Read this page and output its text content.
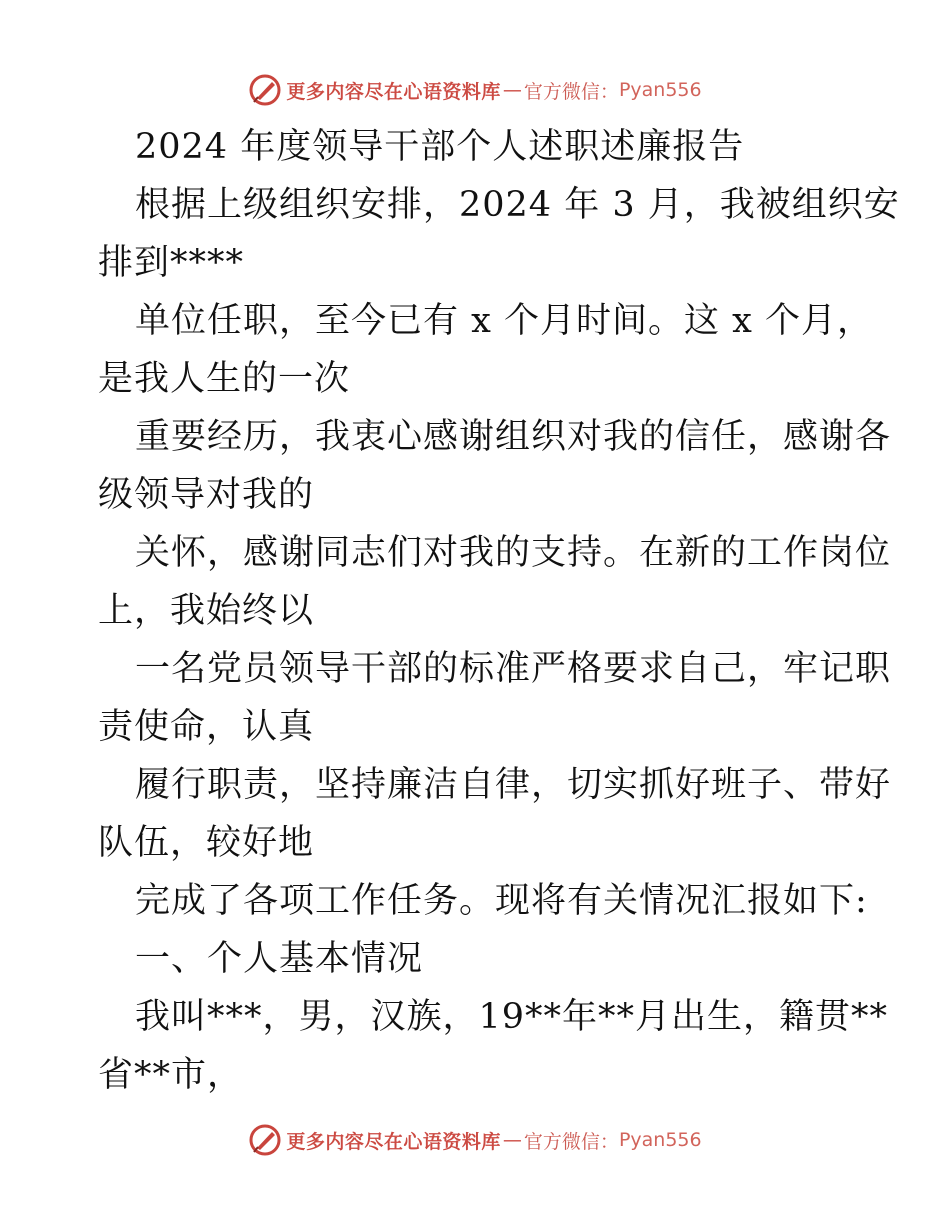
更多内容尽在心语资料库 — 官方微信： Pyan556
2024 年度领导干部个人述职述廉报告
根据上级组织安排，2024 年 3 月，我被组织安
排到****
单位任职，至今已有 x 个月时间。这 x 个月，
是我人生的一次
重要经历，我衷心感谢组织对我的信任，感谢各
级领导对我的
关怀，感谢同志们对我的支持。在新的工作岗位
上，我始终以
一名党员领导干部的标准严格要求自己，牢记职
责使命，认真
履行职责，坚持廉洁自律，切实抓好班子、带好
队伍，较好地
完成了各项工作任务。现将有关情况汇报如下:
一、个人基本情况
我叫***，男，汉族，19**年**月出生，籍贯**
省**市，
更多内容尽在心语资料库 — 官方微信： Pyan556
